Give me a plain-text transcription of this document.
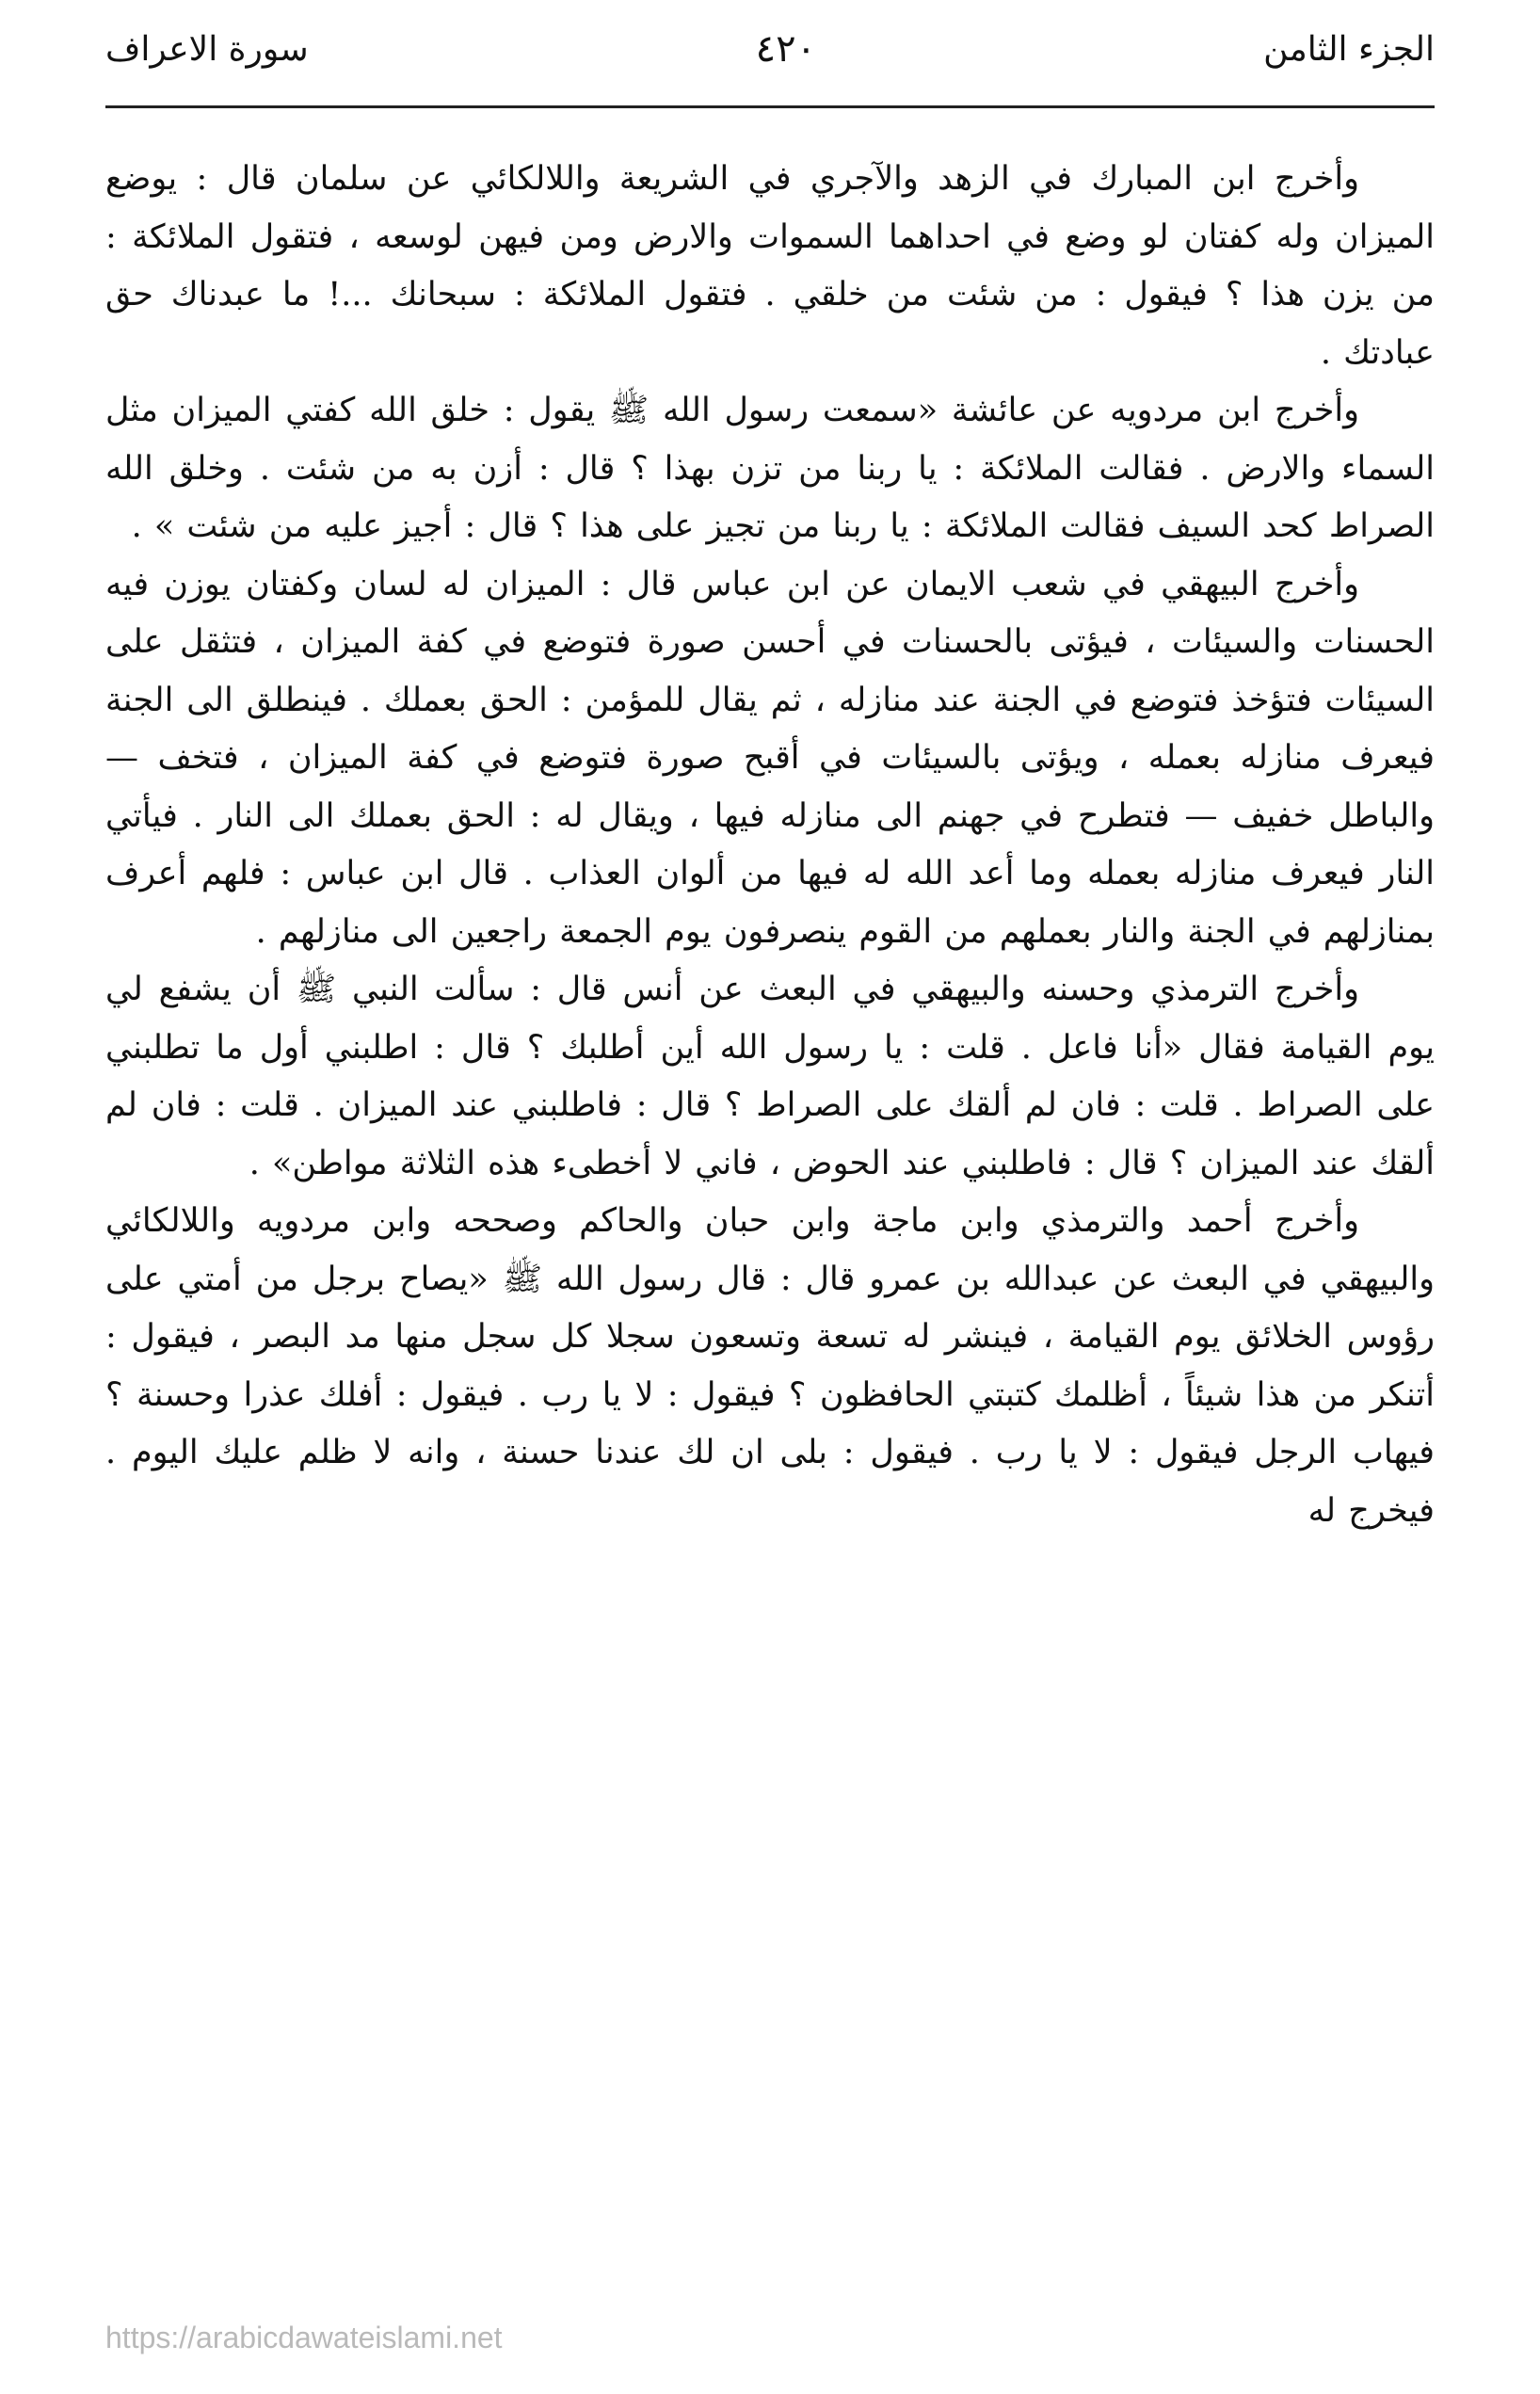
الجزء الثامن
٤٢٠
سورة الاعراف

وأخرج ابن المبارك في الزهد والآجري في الشريعة واللالكائي عن سلمان قال : يوضع الميزان وله كفتان لو وضع في احداهما السموات والارض ومن فيهن لوسعه ، فتقول الملائكة : من يزن هذا ؟ فيقول : من شئت من خلقي . فتقول الملائكة : سبحانك ...! ما عبدناك حق عبادتك .

وأخرج ابن مردويه عن عائشة «سمعت رسول الله ﷺ يقول : خلق الله كفتي الميزان مثل السماء والارض . فقالت الملائكة : يا ربنا من تزن بهذا ؟ قال : أزن به من شئت . وخلق الله الصراط كحد السيف فقالت الملائكة : يا ربنا من تجيز على هذا ؟ قال : أجيز عليه من شئت » .

وأخرج البيهقي في شعب الايمان عن ابن عباس قال : الميزان له لسان وكفتان يوزن فيه الحسنات والسيئات ، فيؤتى بالحسنات في أحسن صورة فتوضع في كفة الميزان ، فتثقل على السيئات فتؤخذ فتوضع في الجنة عند منازله ، ثم يقال للمؤمن : الحق بعملك . فينطلق الى الجنة فيعرف منازله بعمله ، ويؤتى بالسيئات في أقبح صورة فتوضع في كفة الميزان ، فتخف — والباطل خفيف — فتطرح في جهنم الى منازله فيها ، ويقال له : الحق بعملك الى النار . فيأتي النار فيعرف منازله بعمله وما أعد الله له فيها من ألوان العذاب . قال ابن عباس : فلهم أعرف بمنازلهم في الجنة والنار بعملهم من القوم ينصرفون يوم الجمعة راجعين الى منازلهم .

وأخرج الترمذي وحسنه والبيهقي في البعث عن أنس قال : سألت النبي ﷺ أن يشفع لي يوم القيامة فقال «أنا فاعل . قلت : يا رسول الله أين أطلبك ؟ قال : اطلبني أول ما تطلبني على الصراط . قلت : فان لم ألقك على الصراط ؟ قال : فاطلبني عند الميزان . قلت : فان لم ألقك عند الميزان ؟ قال : فاطلبني عند الحوض ، فاني لا أخطىء هذه الثلاثة مواطن» .

وأخرج أحمد والترمذي وابن ماجة وابن حبان والحاكم وصححه وابن مردويه واللالكائي والبيهقي في البعث عن عبدالله بن عمرو قال : قال رسول الله ﷺ «يصاح برجل من أمتي على رؤوس الخلائق يوم القيامة ، فينشر له تسعة وتسعون سجلا كل سجل منها مد البصر ، فيقول : أتنكر من هذا شيئاً ، أظلمك كتبتي الحافظون ؟ فيقول : لا يا رب . فيقول : أفلك عذرا وحسنة ؟ فيهاب الرجل فيقول : لا يا رب . فيقول : بلى ان لك عندنا حسنة ، وانه لا ظلم عليك اليوم . فيخرج له

https://arabicdawateislami.net
